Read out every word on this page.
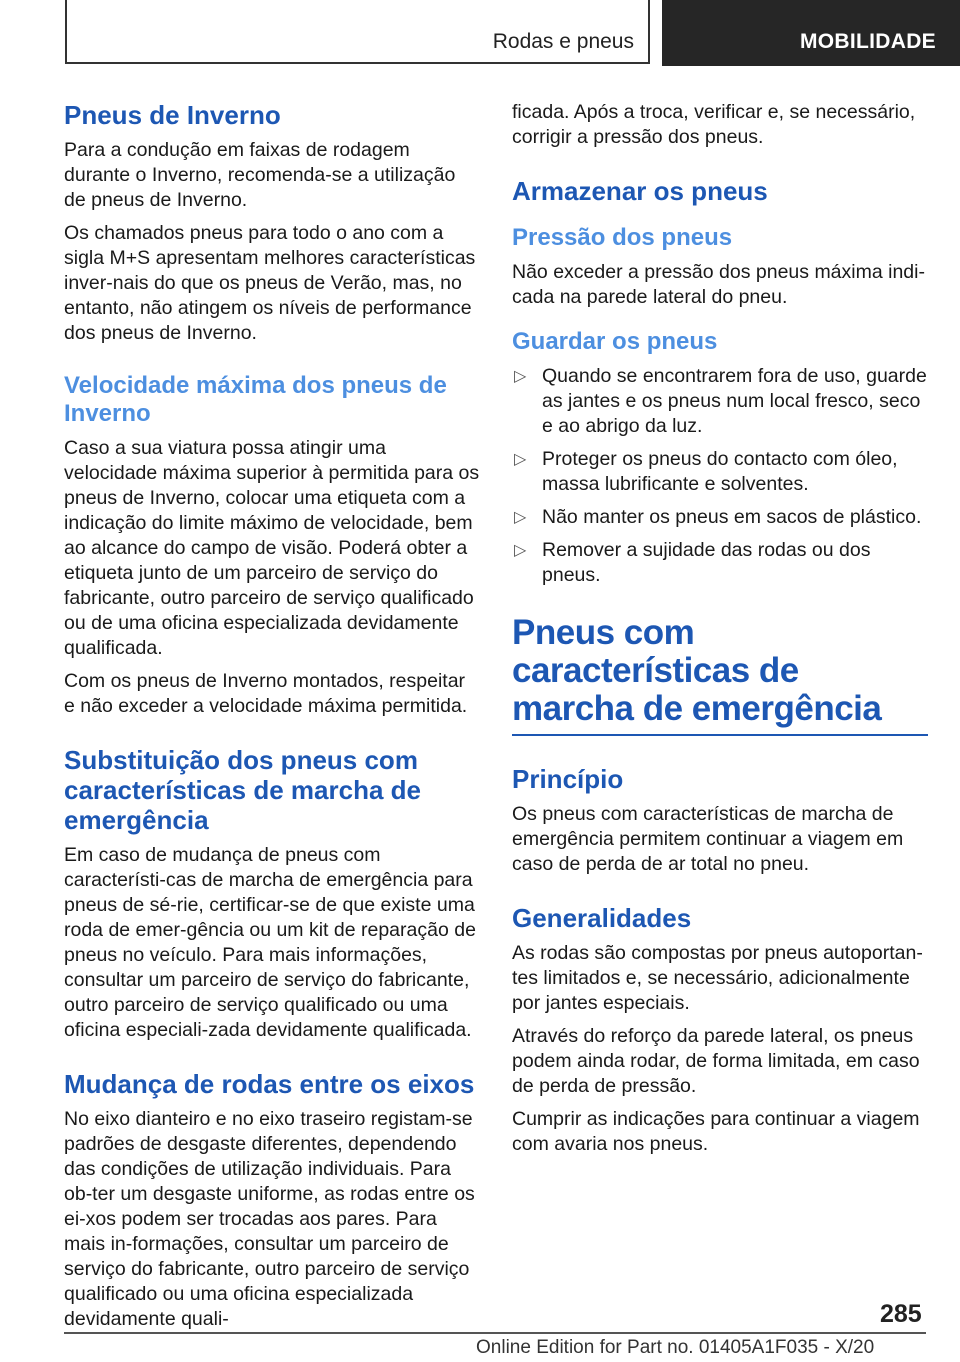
Rodas e pneus	MOBILIDADE
Pneus de Inverno

Para a condução em faixas de rodagem durante o Inverno, recomenda-se a utilização de pneus de Inverno.

Os chamados pneus para todo o ano com a sigla M+S apresentam melhores características inver-nais do que os pneus de Verão, mas, no entanto, não atingem os níveis de performance dos pneus de Inverno.

Velocidade máxima dos pneus de Inverno

Caso a sua viatura possa atingir uma velocidade máxima superior à permitida para os pneus de Inverno, colocar uma etiqueta com a indicação do limite máximo de velocidade, bem ao alcance do campo de visão. Poderá obter a etiqueta junto de um parceiro de serviço do fabricante, outro parceiro de serviço qualificado ou de uma oficina especializada devidamente qualificada.

Com os pneus de Inverno montados, respeitar e não exceder a velocidade máxima permitida.

Substituição dos pneus com características de marcha de emergência

Em caso de mudança de pneus com característi-cas de marcha de emergência para pneus de sé-rie, certificar-se de que existe uma roda de emer-gência ou um kit de reparação de pneus no veículo. Para mais informações, consultar um parceiro de serviço do fabricante, outro parceiro de serviço qualificado ou uma oficina especiali-zada devidamente qualificada.

Mudança de rodas entre os eixos

No eixo dianteiro e no eixo traseiro registam-se padrões de desgaste diferentes, dependendo das condições de utilização individuais. Para ob-ter um desgaste uniforme, as rodas entre os ei-xos podem ser trocadas aos pares. Para mais in-formações, consultar um parceiro de serviço do fabricante, outro parceiro de serviço qualificado ou uma oficina especializada devidamente quali-

ficada. Após a troca, verificar e, se necessário, corrigir a pressão dos pneus.

Armazenar os pneus
Pressão dos pneus

Não exceder a pressão dos pneus máxima indi-cada na parede lateral do pneu.

Guardar os pneus
▷ Quando se encontrarem fora de uso, guarde as jantes e os pneus num local fresco, seco e ao abrigo da luz.
▷ Proteger os pneus do contacto com óleo, massa lubrificante e solventes.
▷ Não manter os pneus em sacos de plástico.
▷ Remover a sujidade das rodas ou dos pneus.
Pneus com características de marcha de emergência
Princípio

Os pneus com características de marcha de emergência permitem continuar a viagem em caso de perda de ar total no pneu.

Generalidades

As rodas são compostas por pneus autoportan-tes limitados e, se necessário, adicionalmente por jantes especiais.

Através do reforço da parede lateral, os pneus podem ainda rodar, de forma limitada, em caso de perda de pressão.

Cumprir as indicações para continuar a viagem com avaria nos pneus.

285
Online Edition for Part no. 01405A1F035 - X/20
